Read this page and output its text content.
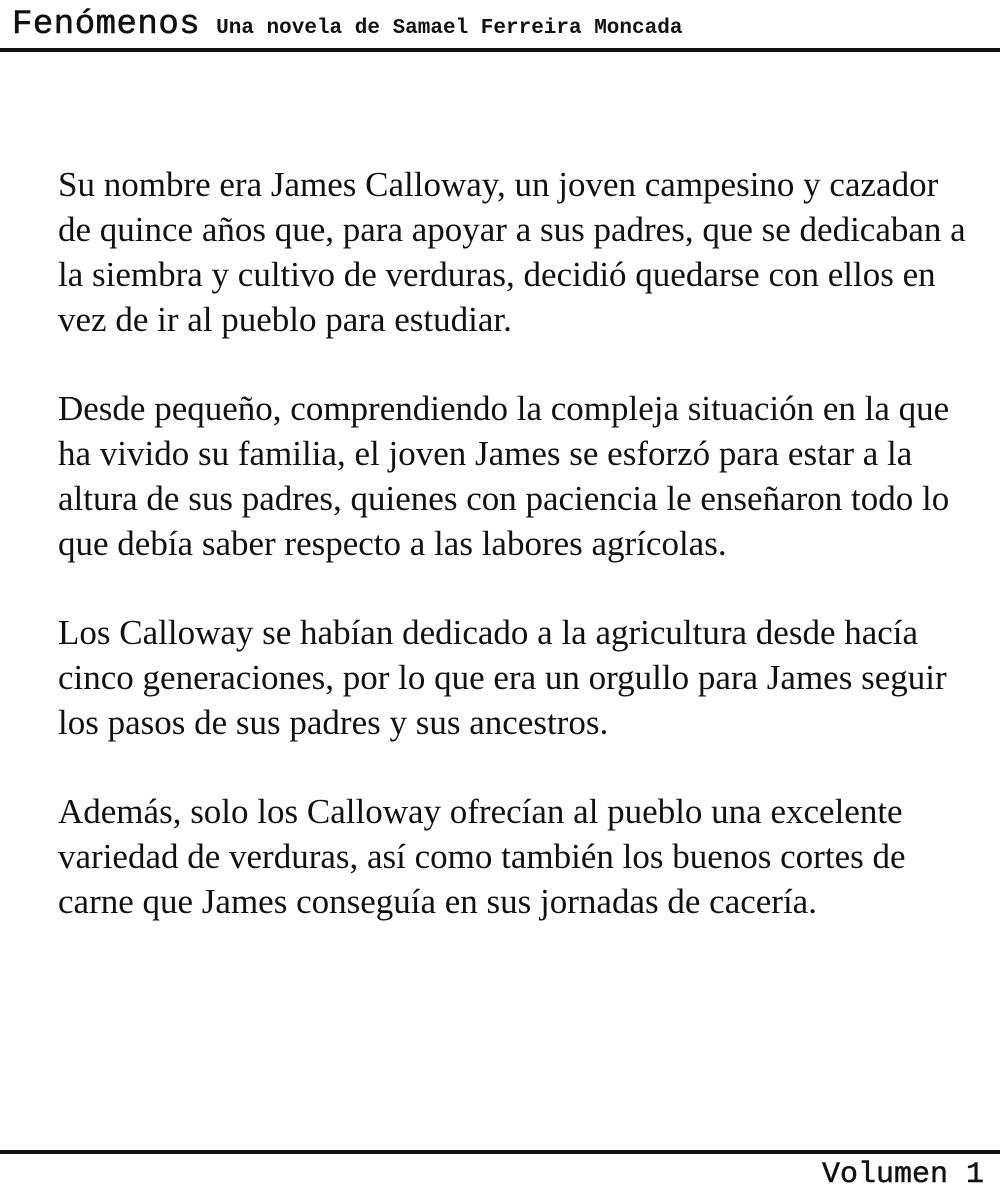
Fenómenos Una novela de Samael Ferreira Moncada

Su nombre era James Calloway, un joven campesino y cazador de quince años que, para apoyar a sus padres, que se dedicaban a la siembra y cultivo de verduras, decidió quedarse con ellos en vez de ir al pueblo para estudiar.

Desde pequeño, comprendiendo la compleja situación en la que ha vivido su familia, el joven James se esforzó para estar a la altura de sus padres, quienes con paciencia le enseñaron todo lo que debía saber respecto a las labores agrícolas.

Los Calloway se habían dedicado a la agricultura desde hacía cinco generaciones, por lo que era un orgullo para James seguir los pasos de sus padres y sus ancestros.

Además, solo los Calloway ofrecían al pueblo una excelente variedad de verduras, así como también los buenos cortes de carne que James conseguía en sus jornadas de cacería.

Volumen 1
